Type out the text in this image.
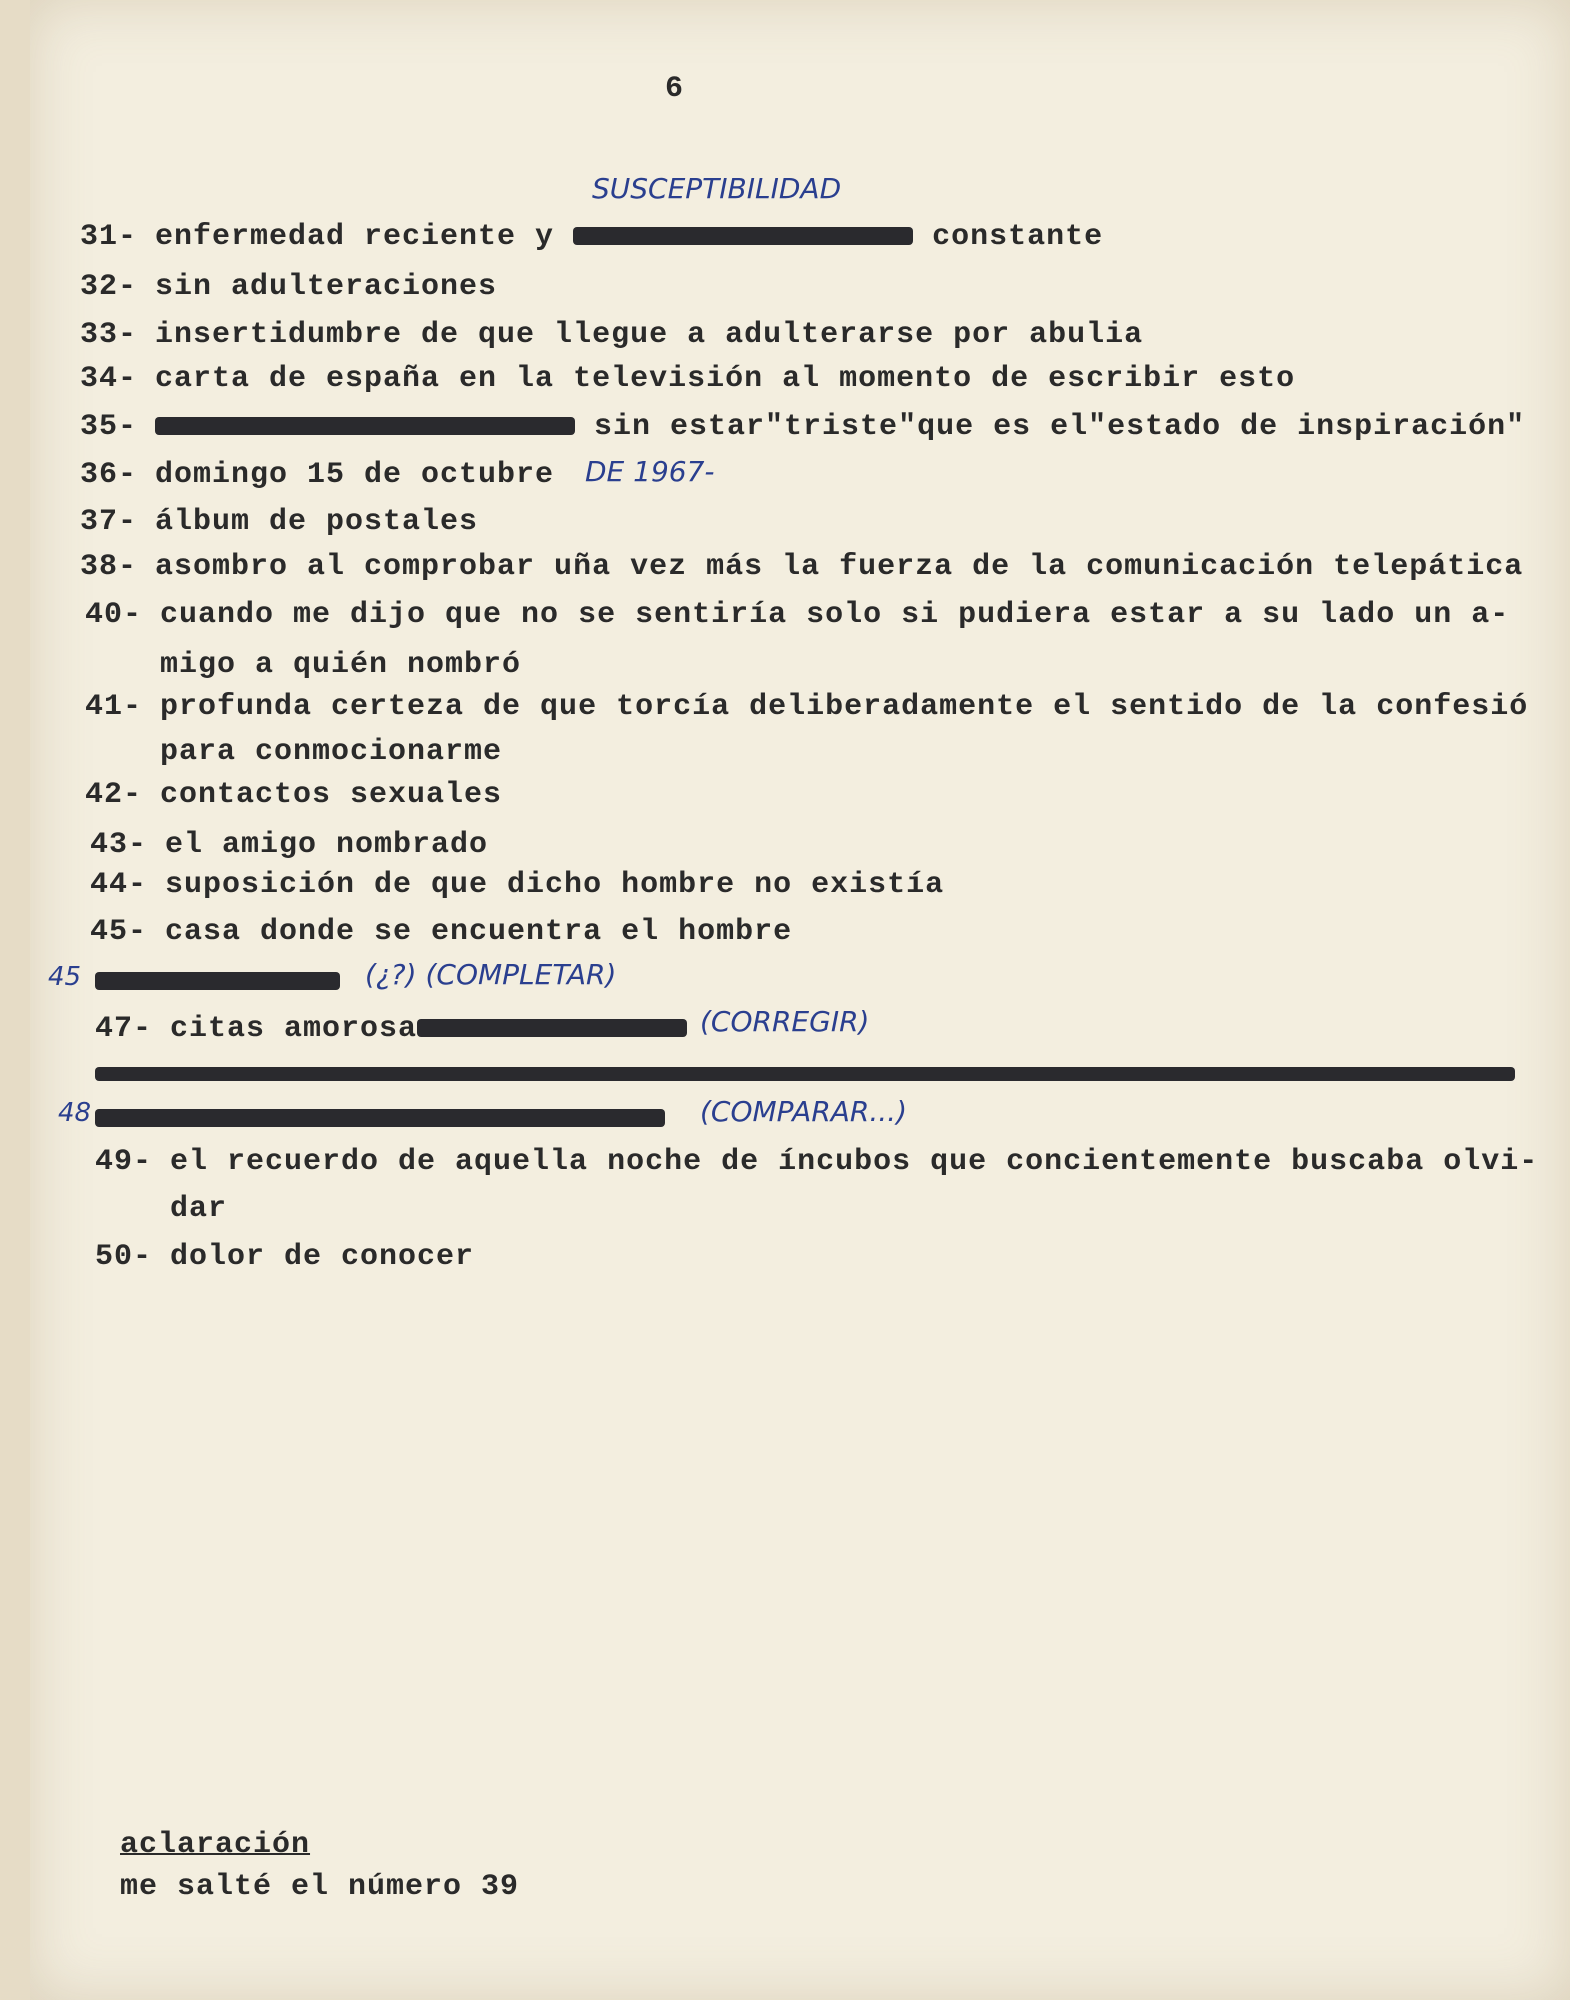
6
SUSCEPTIBILIDAD
31- enfermedad reciente y	constante
32- sin adulteraciones
33- insertidumbre de que llegue a adulterarse por abulia
34- carta de españa en la televisión al momento de escribir esto
35-	sin estar"triste"que es el"estado de inspiración"
36- domingo 15 de octubre DE 1967-
37- álbum de postales
38- asombro al comprobar uña vez más la fuerza de la comunicación telepática
40- cuando me dijo que no se sentiría solo si pudiera estar a su lado un a-
migo a quién nombró
41- profunda certeza de que torcía deliberadamente el sentido de la confesió
para conmocionarme
42- contactos sexuales
43- el amigo nombrado
44- suposición de que dicho hombre no existía
45- casa donde se encuentra el hombre
45	(¿?) (COMPLETAR)
47- citas amorosa	(CORREGIR)
48	(COMPARAR...)
49- el recuerdo de aquella noche de íncubos que concientemente buscaba olvi-
dar
50- dolor de conocer
aclaración
me salté el número 39
